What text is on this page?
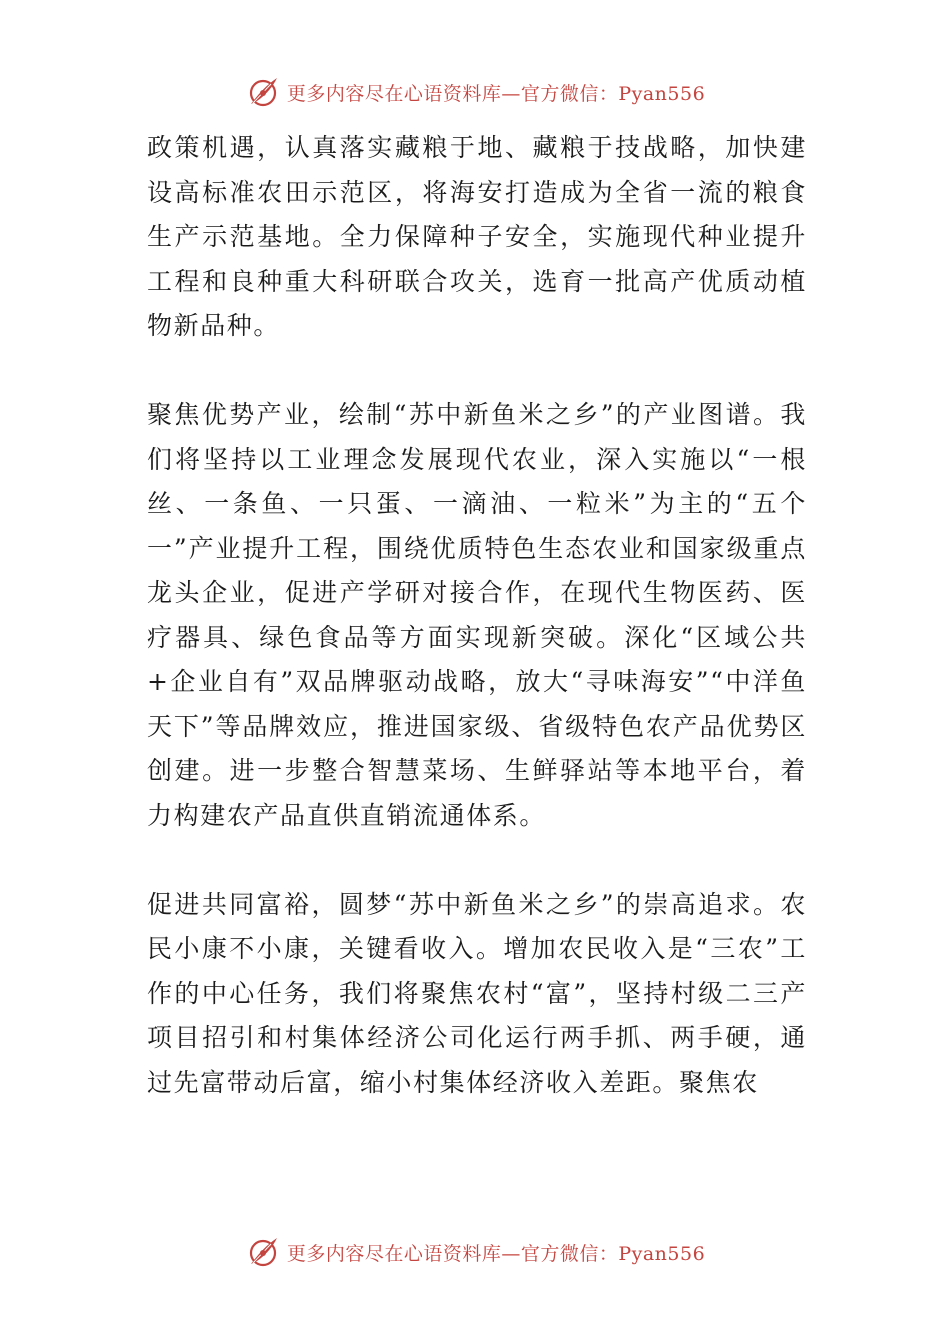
更多内容尽在心语资料库—官方微信：Pyan556

政策机遇，认真落实藏粮于地、藏粮于技战略，加快建设高标准农田示范区，将海安打造成为全省一流的粮食生产示范基地。全力保障种子安全，实施现代种业提升工程和良种重大科研联合攻关，选育一批高产优质动植物新品种。

聚焦优势产业，绘制“苏中新鱼米之乡”的产业图谱。我们将坚持以工业理念发展现代农业，深入实施以“一根丝、一条鱼、一只蛋、一滴油、一粒米”为主的“五个一”产业提升工程，围绕优质特色生态农业和国家级重点龙头企业，促进产学研对接合作，在现代生物医药、医疗器具、绿色食品等方面实现新突破。深化“区域公共+企业自有”双品牌驱动战略，放大“寻味海安”“中洋鱼天下”等品牌效应，推进国家级、省级特色农产品优势区创建。进一步整合智慧菜场、生鲜驿站等本地平台，着力构建农产品直供直销流通体系。

促进共同富裕，圆梦“苏中新鱼米之乡”的崇高追求。农民小康不小康，关键看收入。增加农民收入是“三农”工作的中心任务，我们将聚焦农村“富”，坚持村级二三产项目招引和村集体经济公司化运行两手抓、两手硬，通过先富带动后富，缩小村集体经济收入差距。聚焦农

更多内容尽在心语资料库—官方微信：Pyan556
